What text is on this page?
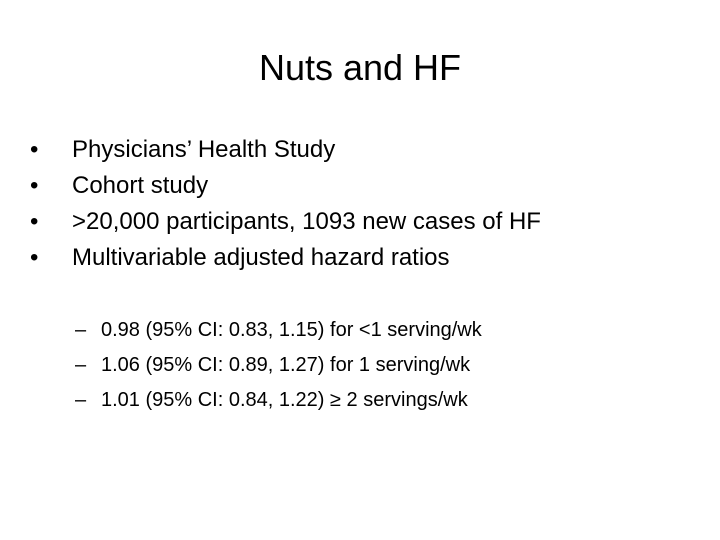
Nuts and HF
•	Physicians’ Health Study
•	Cohort study
•	>20,000 participants, 1093 new cases of HF
•	Multivariable adjusted hazard ratios
– 0.98 (95% CI: 0.83, 1.15) for <1 serving/wk
– 1.06 (95% CI: 0.89, 1.27) for 1 serving/wk
– 1.01 (95% CI: 0.84, 1.22) ≥ 2 servings/wk
